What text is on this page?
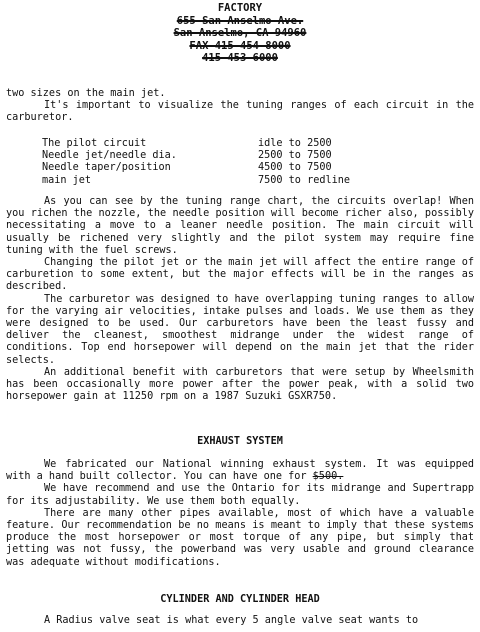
FACTORY
655 San Anselmo Ave.
San Anselmo, CA 94960
FAX 415 454 8000
415 453 6000

two sizes on the main jet.

It's important to visualize the tuning ranges of each circuit in the carburetor.

The pilot circuit	idle to 2500
Needle jet/needle dia.	2500 to 7500
Needle taper/position	4500 to 7500
main jet	7500 to redline

As you can see by the tuning range chart, the circuits overlap! When you richen the nozzle, the needle position will become richer also, possibly necessitating a move to a leaner needle position. The main circuit will usually be richened very slightly and the pilot system may require fine tuning with the fuel screws.

Changing the pilot jet or the main jet will affect the entire range of carburetion to some extent, but the major effects will be in the ranges as described.

The carburetor was designed to have overlapping tuning ranges to allow for the varying air velocities, intake pulses and loads. We use them as they were designed to be used. Our carburetors have been the least fussy and deliver the cleanest, smoothest midrange under the widest range of conditions. Top end horsepower will depend on the main jet that the rider selects.

An additional benefit with carburetors that were setup by Wheelsmith has been occasionally more power after the power peak, with a solid two horsepower gain at 11250 rpm on a 1987 Suzuki GSXR750.

EXHAUST SYSTEM

We fabricated our National winning exhaust system. It was equipped with a hand built collector. You can have one for $500.

We have recommend and use the Ontario for its midrange and Supertrapp for its adjustability. We use them both equally.

There are many other pipes available, most of which have a valuable feature. Our recommendation be no means is meant to imply that these systems produce the most horsepower or most torque of any pipe, but simply that jetting was not fussy, the powerband was very usable and ground clearance was adequate without modifications.

CYLINDER AND CYLINDER HEAD

A Radius valve seat is what every 5 angle valve seat wants to
